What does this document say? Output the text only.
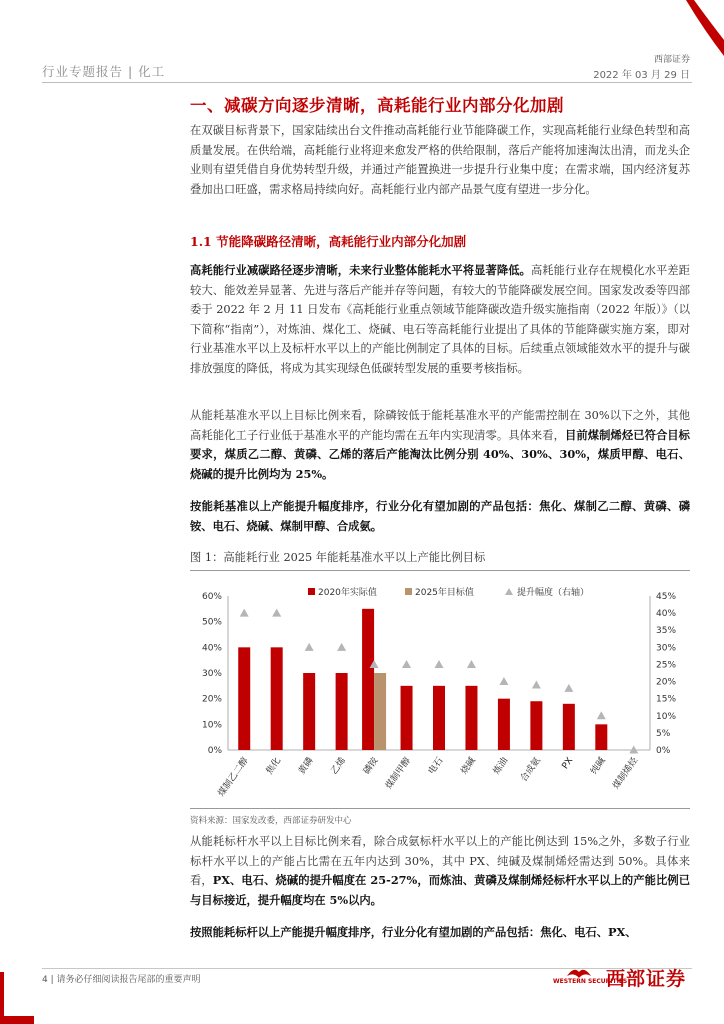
行业专题报告 | 化工
西部证券
2022 年 03 月 29 日
一、减碳方向逐步清晰，高耗能行业内部分化加剧
在双碳目标背景下，国家陆续出台文件推动高耗能行业节能降碳工作，实现高耗能行业绿色转型和高质量发展。在供给端，高耗能行业将迎来愈发严格的供给限制，落后产能将加速淘汰出清，而龙头企业则有望凭借自身优势转型升级，并通过产能置换进一步提升行业集中度；在需求端，国内经济复苏叠加出口旺盛，需求格局持续向好。高耗能行业内部产品景气度有望进一步分化。
1.1 节能降碳路径清晰，高耗能行业内部分化加剧
高耗能行业减碳路径逐步清晰，未来行业整体能耗水平将显著降低。高耗能行业存在规模化水平差距较大、能效差异显著、先进与落后产能并存等问题，有较大的节能降碳发展空间。国家发改委等四部委于 2022 年 2 月 11 日发布《高耗能行业重点领域节能降碳改造升级实施指南（2022 年版）》（以下简称“指南”），对炼油、煤化工、烧碱、电石等高耗能行业提出了具体的节能降碳实施方案，即对行业基准水平以上及标杆水平以上的产能比例制定了具体的目标。后续重点领域能效水平的提升与碳排放强度的降低，将成为其实现绿色低碳转型发展的重要考核指标。
从能耗基准水平以上目标比例来看，除磷铵低于能耗基准水平的产能需控制在 30%以下之外，其他高耗能化工子行业低于基准水平的产能均需在五年内实现清零。具体来看，目前煤制烯烃已符合目标要求，煤质乙二醇、黄磷、乙烯的落后产能淘汰比例分别 40%、30%、30%，煤质甲醇、电石、烧碱的提升比例均为 25%。
按能耗基准以上产能提升幅度排序，行业分化有望加剧的产品包括：焦化、煤制乙二醇、黄磷、磷铵、电石、烧碱、煤制甲醇、合成氨。
图 1：高能耗行业 2025 年能耗基准水平以上产能比例目标
2020年实际值	2025年目标值	提升幅度（右轴）
0%
10%
20%
30%
40%
50%
60%
0%
5%
10%
15%
20%
25%
30%
35%
40%
45%
煤制乙二醇 焦化 黄磷 乙烯 磷铵 煤制甲醇 电石 烧碱 炼油 合成氨 PX 纯碱 煤制烯烃
资料来源：国家发改委，西部证券研发中心
从能耗标杆水平以上目标比例来看，除合成氨标杆水平以上的产能比例达到 15%之外，多数子行业标杆水平以上的产能占比需在五年内达到 30%，其中 PX、纯碱及煤制烯烃需达到 50%。具体来看，PX、电石、烧碱的提升幅度在 25-27%，而炼油、黄磷及煤制烯烃标杆水平以上的产能比例已与目标接近，提升幅度均在 5%以内。
按照能耗标杆以上产能提升幅度排序，行业分化有望加剧的产品包括：焦化、电石、PX、
4 | 请务必仔细阅读报告尾部的重要声明	WESTERN SECURITIES
西部证券
